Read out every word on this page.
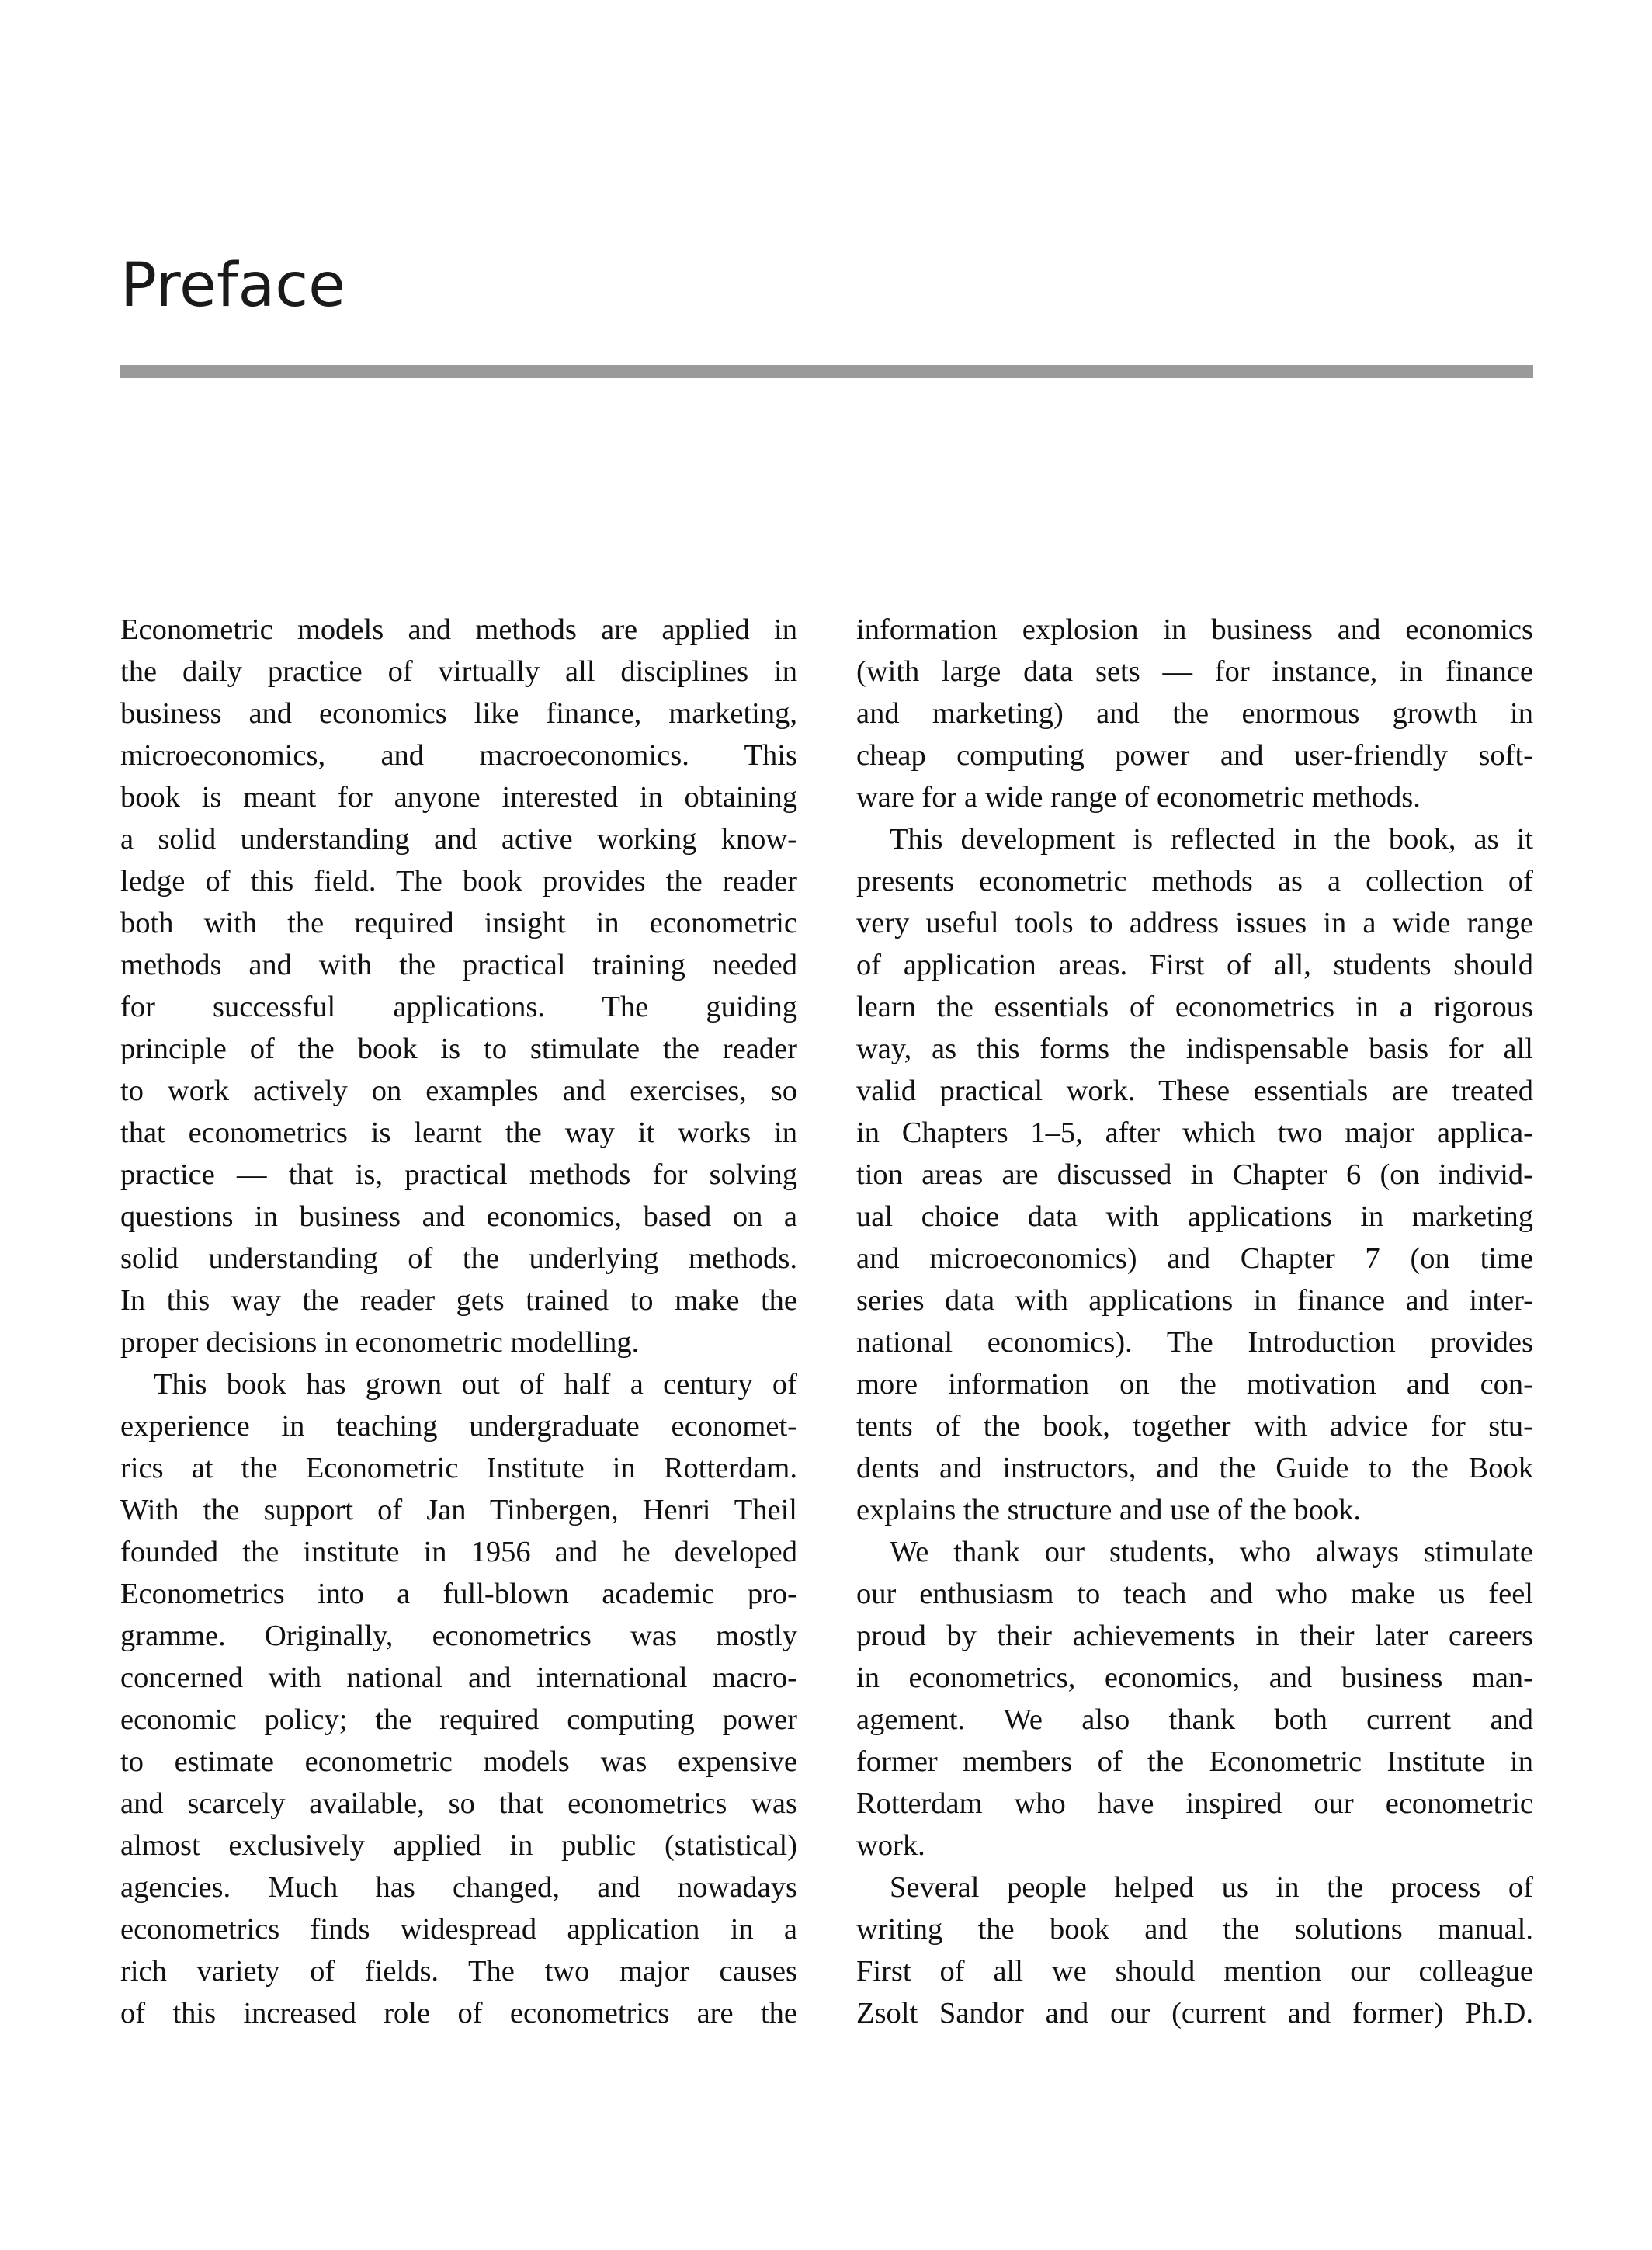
Preface
Econometric models and methods are applied in
the daily practice of virtually all disciplines in
business and economics like finance, marketing,
microeconomics, and macroeconomics. This
book is meant for anyone interested in obtaining
a solid understanding and active working know-
ledge of this field. The book provides the reader
both with the required insight in econometric
methods and with the practical training needed
for successful applications. The guiding
principle of the book is to stimulate the reader
to work actively on examples and exercises, so
that econometrics is learnt the way it works in
practice — that is, practical methods for solving
questions in business and economics, based on a
solid understanding of the underlying methods.
In this way the reader gets trained to make the
proper decisions in econometric modelling.
This book has grown out of half a century of
experience in teaching undergraduate economet-
rics at the Econometric Institute in Rotterdam.
With the support of Jan Tinbergen, Henri Theil
founded the institute in 1956 and he developed
Econometrics into a full-blown academic pro-
gramme. Originally, econometrics was mostly
concerned with national and international macro-
economic policy; the required computing power
to estimate econometric models was expensive
and scarcely available, so that econometrics was
almost exclusively applied in public (statistical)
agencies. Much has changed, and nowadays
econometrics finds widespread application in a
rich variety of fields. The two major causes
of this increased role of econometrics are the
information explosion in business and economics
(with large data sets — for instance, in finance
and marketing) and the enormous growth in
cheap computing power and user-friendly soft-
ware for a wide range of econometric methods.
This development is reflected in the book, as it
presents econometric methods as a collection of
very useful tools to address issues in a wide range
of application areas. First of all, students should
learn the essentials of econometrics in a rigorous
way, as this forms the indispensable basis for all
valid practical work. These essentials are treated
in Chapters 1–5, after which two major applica-
tion areas are discussed in Chapter 6 (on individ-
ual choice data with applications in marketing
and microeconomics) and Chapter 7 (on time
series data with applications in finance and inter-
national economics). The Introduction provides
more information on the motivation and con-
tents of the book, together with advice for stu-
dents and instructors, and the Guide to the Book
explains the structure and use of the book.
We thank our students, who always stimulate
our enthusiasm to teach and who make us feel
proud by their achievements in their later careers
in econometrics, economics, and business man-
agement. We also thank both current and
former members of the Econometric Institute in
Rotterdam who have inspired our econometric
work.
Several people helped us in the process of
writing the book and the solutions manual.
First of all we should mention our colleague
Zsolt Sandor and our (current and former) Ph.D.
